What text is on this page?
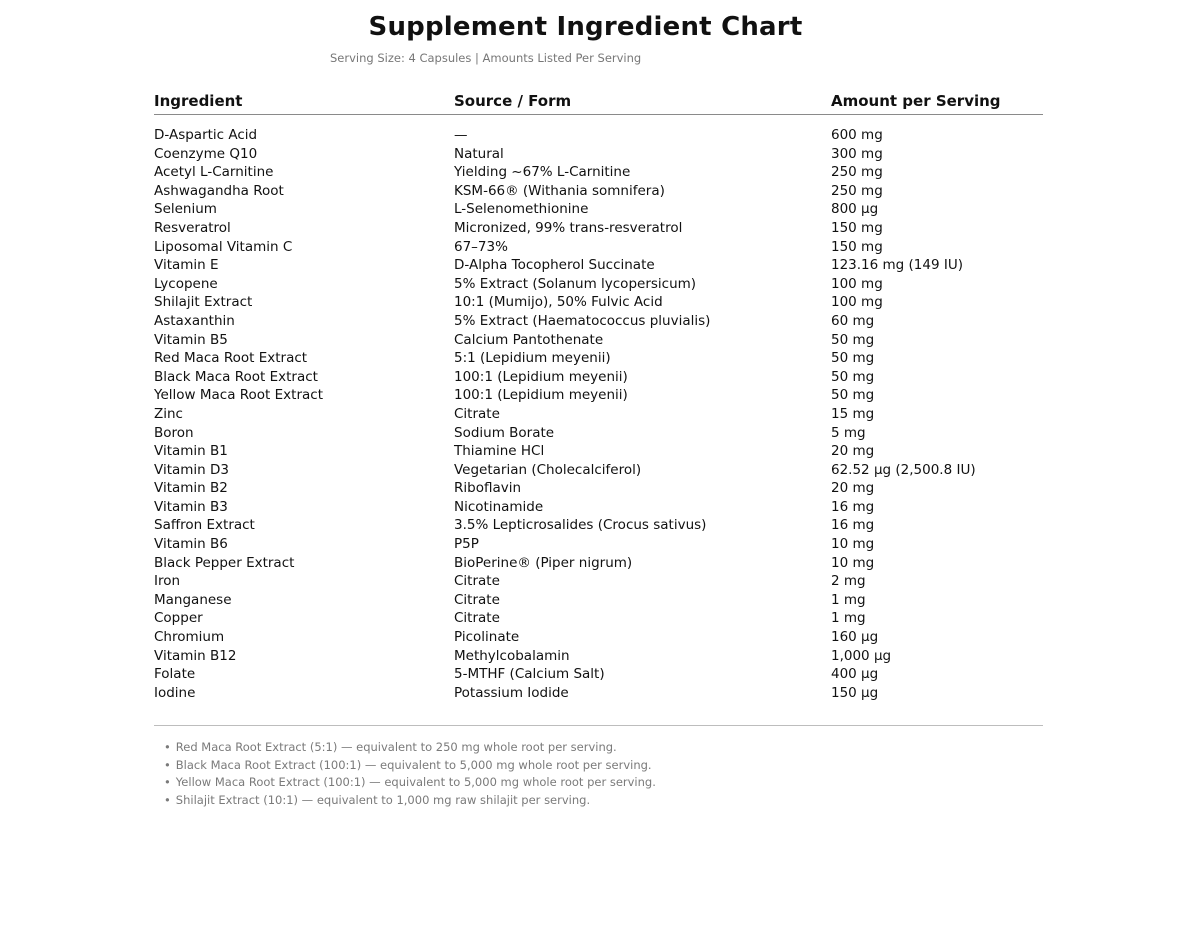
Supplement Ingredient Chart
Serving Size: 4 Capsules | Amounts Listed Per Serving
Ingredient	Source / Form	Amount per Serving
D-Aspartic Acid	—	600 mg
Coenzyme Q10	Natural	300 mg
Acetyl L-Carnitine	Yielding ~67% L-Carnitine	250 mg
Ashwagandha Root	KSM-66® (Withania somnifera)	250 mg
Selenium	L-Selenomethionine	800 µg
Resveratrol	Micronized, 99% trans-resveratrol	150 mg
Liposomal Vitamin C	67–73%	150 mg
Vitamin E	D-Alpha Tocopherol Succinate	123.16 mg (149 IU)
Lycopene	5% Extract (Solanum lycopersicum)	100 mg
Shilajit Extract	10:1 (Mumijo), 50% Fulvic Acid	100 mg
Astaxanthin	5% Extract (Haematococcus pluvialis)	60 mg
Vitamin B5	Calcium Pantothenate	50 mg
Red Maca Root Extract	5:1 (Lepidium meyenii)	50 mg
Black Maca Root Extract	100:1 (Lepidium meyenii)	50 mg
Yellow Maca Root Extract	100:1 (Lepidium meyenii)	50 mg
Zinc	Citrate	15 mg
Boron	Sodium Borate	5 mg
Vitamin B1	Thiamine HCl	20 mg
Vitamin D3	Vegetarian (Cholecalciferol)	62.52 µg (2,500.8 IU)
Vitamin B2	Riboflavin	20 mg
Vitamin B3	Nicotinamide	16 mg
Saffron Extract	3.5% Lepticrosalides (Crocus sativus)	16 mg
Vitamin B6	P5P	10 mg
Black Pepper Extract	BioPerine® (Piper nigrum)	10 mg
Iron	Citrate	2 mg
Manganese	Citrate	1 mg
Copper	Citrate	1 mg
Chromium	Picolinate	160 µg
Vitamin B12	Methylcobalamin	1,000 µg
Folate	5-MTHF (Calcium Salt)	400 µg
Iodine	Potassium Iodide	150 µg
• Red Maca Root Extract (5:1) — equivalent to 250 mg whole root per serving.
• Black Maca Root Extract (100:1) — equivalent to 5,000 mg whole root per serving.
• Yellow Maca Root Extract (100:1) — equivalent to 5,000 mg whole root per serving.
• Shilajit Extract (10:1) — equivalent to 1,000 mg raw shilajit per serving.
